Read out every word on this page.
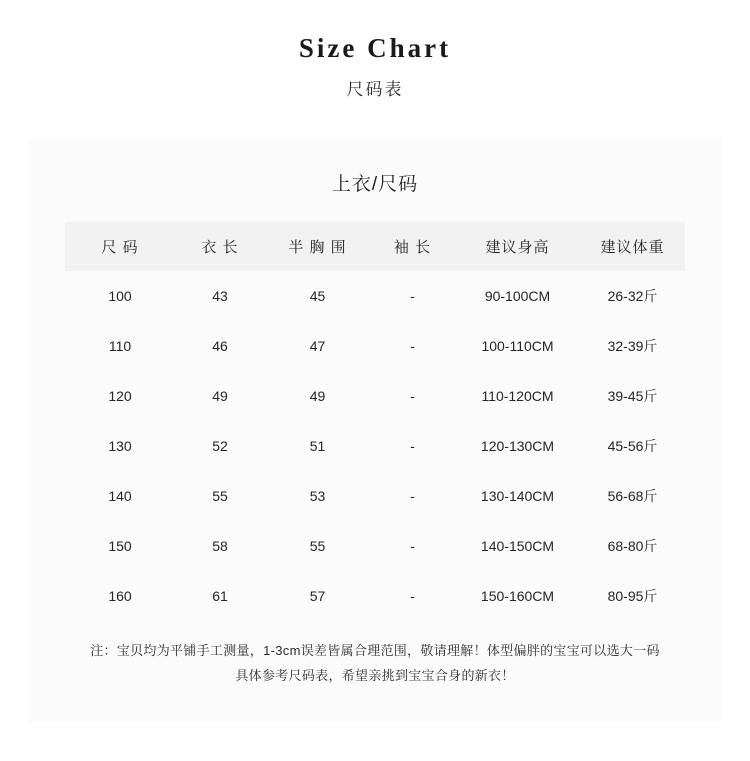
Size Chart
尺码表
上衣/尺码
尺 码	衣 长	半 胸 围	袖 长	建议身高	建议体重
100	43	45	-	90-100CM	26-32斤
110	46	47	-	100-110CM	32-39斤
120	49	49	-	110-120CM	39-45斤
130	52	51	-	120-130CM	45-56斤
140	55	53	-	130-140CM	56-68斤
150	58	55	-	140-150CM	68-80斤
160	61	57	-	150-160CM	80-95斤
注：宝贝均为平铺手工测量，1-3cm误差皆属合理范围，敬请理解！体型偏胖的宝宝可以选大一码
具体参考尺码表，希望亲挑到宝宝合身的新衣！
